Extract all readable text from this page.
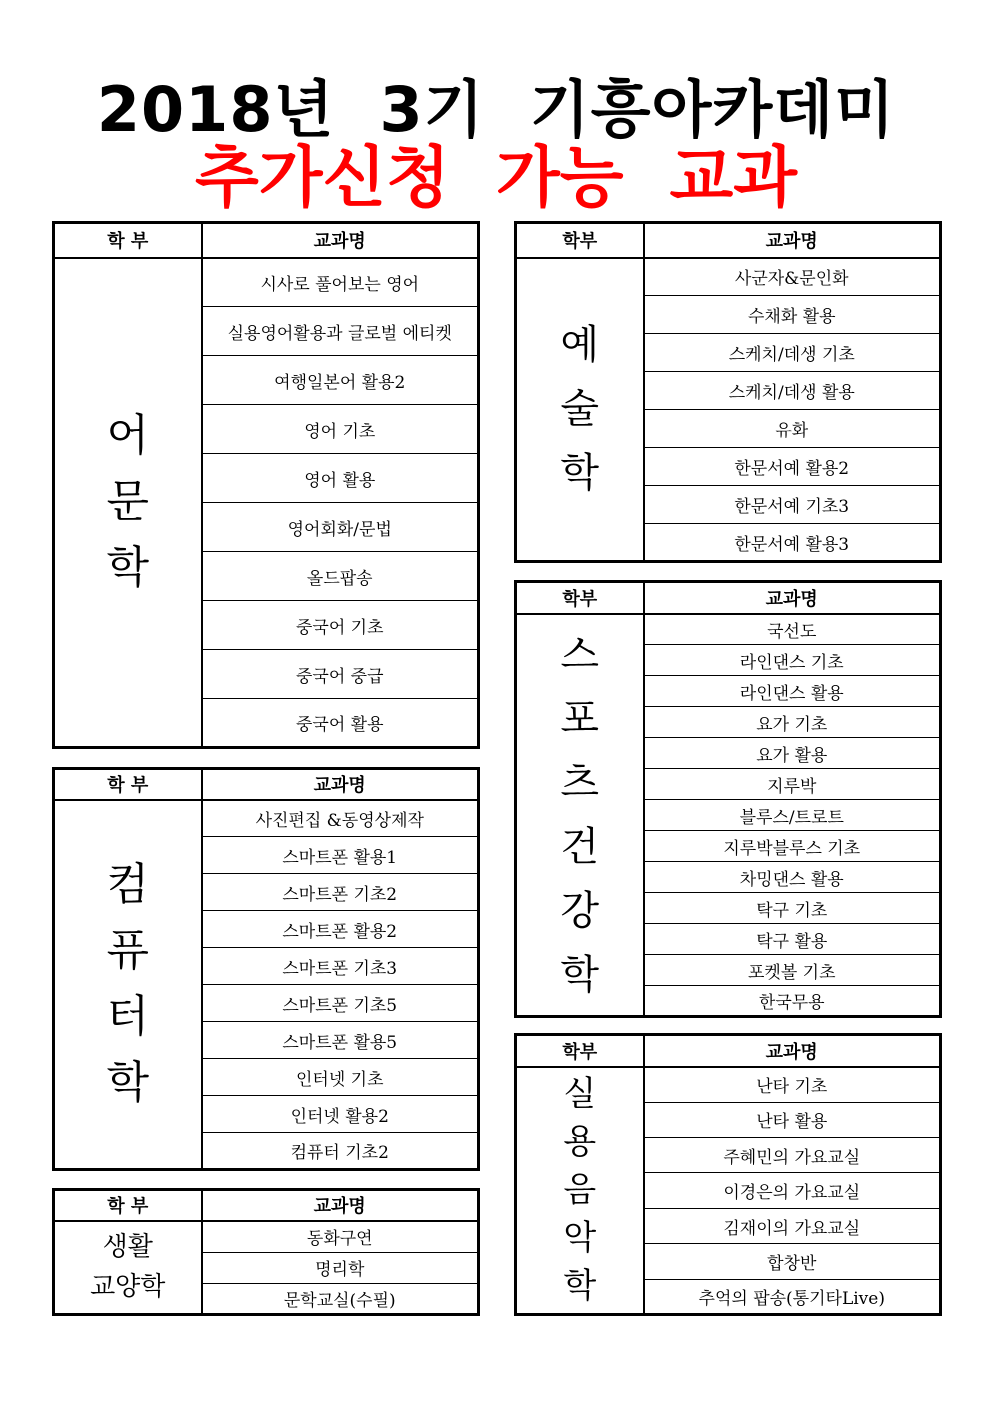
2018년  3기  기흥아카데미
추가신청  가능  교과
학 부	교과명
어문학	시사로 풀어보는 영어
	실용영어활용과 글로벌 에티켓
	여행일본어 활용2
	영어 기초
	영어 활용
	영어회화/문법
	올드팝송
	중국어 기초
	중국어 중급
	중국어 활용
학 부	교과명
컴퓨터학	사진편집 &동영상제작
	스마트폰 활용1
	스마트폰 기초2
	스마트폰 활용2
	스마트폰 기초3
	스마트폰 기초5
	스마트폰 활용5
	인터넷 기초
	인터넷 활용2
	컴퓨터 기초2
학 부	교과명
생활
교양학	동화구연
	명리학
	문학교실(수필)
학부	교과명
예술학	사군자&문인화
	수채화 활용
	스케치/데생 기초
	스케치/데생 활용
	유화
	한문서예 활용2
	한문서예 기초3
	한문서예 활용3
학부	교과명
스포츠건강학	국선도
	라인댄스 기초
	라인댄스 활용
	요가 기초
	요가 활용
	지루박
	블루스/트로트
	지루박블루스 기초
	차밍댄스 활용
	탁구 기초
	탁구 활용
	포켓볼 기초
	한국무용
학부	교과명
실용음악학	난타 기초
	난타 활용
	주혜민의 가요교실
	이경은의 가요교실
	김재이의 가요교실
	합창반
	추억의 팝송(통기타Live)
